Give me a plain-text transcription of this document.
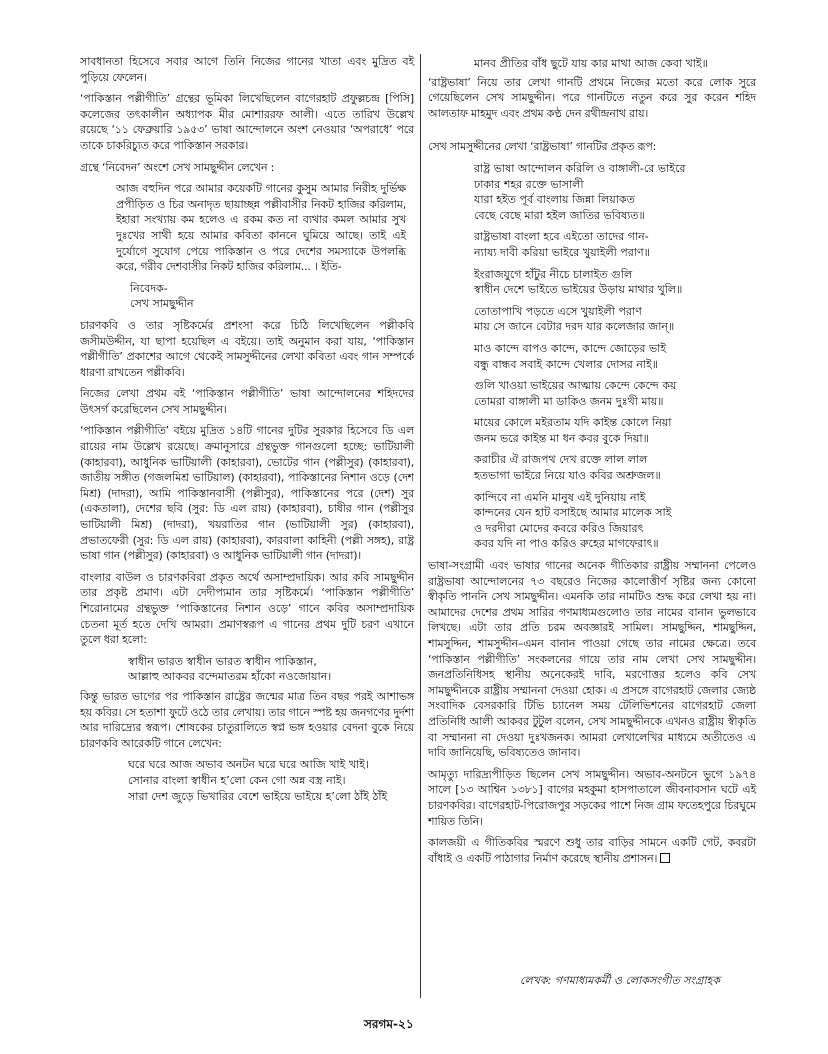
সাবধানতা হিসেবে সবার আগে তিনি নিজের গানের খাতা এবং মুদ্রিত বই পুড়িয়ে ফেলেন।

‘পাকিস্তান পল্লীগীতি’ গ্রন্থের ভূমিকা লিখেছিলেন বাগেরহাট প্রফুল্লচন্দ্র [পিসি] কলেজের তৎকালীন অধ্যাপক মীর মোশাররফ আলী। এতে তারিখ উল্লেখ রয়েছে ‘১১ ফেব্রুয়ারি ১৯৫৩’ ভাষা আন্দোলনে অংশ নেওয়ার ‘অপরাধে’ পরে তাকে চাকরিচ্যুত করে পাকিস্তান সরকার।

গ্রন্থে ‘নিবেদন’ অংশে সেখ সামছুদ্দীন লেখেন :

আজ বহুদিন পরে আমার কয়েকটি গানের কুসুম আমার নিরীহ দুর্ভিক্ষ প্রপীড়িত ও চির অনাদৃত ছায়াচ্ছন্ন পল্লীবাসীর নিকট হাজির করিলাম, ইহারা সংখ্যায় কম হলেও এ রকম কত না ব্যথার কমল আমার সুখ দুঃখের সাথী হয়ে আমার কবিতা কাননে ঘুমিয়ে আছে। তাই এই দুর্যোগে সুযোগ পেয়ে পাকিস্তান ও পরে দেশের সমস্যাকে উপলব্ধি করে, গরীব দেশবাসীর নিকট হাজির করিলাম... । ইতি-

নিবেদক-
সেখ সামছুদ্দীন

চারণকবি ও তার সৃষ্টিকর্মের প্রশংসা করে চিঠি লিখেছিলেন পল্লীকবি জসীমউদ্দীন, যা ছাপা হয়েছিল এ বইয়ে। তাই অনুমান করা যায়, ‘পাকিস্তান পল্লীগীতি’ প্রকাশের আগে থেকেই সামসুদ্দীনের লেখা কবিতা এবং গান সম্পর্কে ধারণা রাখতেন পল্লীকবি।

নিজের লেখা প্রথম বই ‘পাকিস্তান পল্লীগীতি’ ভাষা আন্দোলনের শহিদদের উৎসর্গ করেছিলেন সেখ সামছুদ্দীন।

‘পাকিস্তান পল্লীগীতি’ বইয়ে মুদ্রিত ১৪টি গানের দুটির সুরকার হিসেবে ডি এল রায়ের নাম উল্লেখ রয়েছে। ক্রমানুসারে গ্রন্থভুক্ত গানগুলো হচ্ছে: ভাটিয়ালী (কাহারবা), আধুনিক ভাটিয়ালী (কাহারবা), ভোটের গান (পল্লীসুর) (কাহারবা), জাতীয় সঙ্গীত (গজলমিশ্র ভাটিয়াল) (কাহারবা), পাকিস্তানের নিশান ওড়ে (দেশ মিশ্র) (দাদরা), আমি পাকিস্তানবাসী (পল্লীসুর), পাকিস্তানের পরে (দেশ) সুর (একতালা), দেশের ছবি (সুর: ডি এল রায়) (কাহারবা), চাষীর গান (পল্লীসুর ভাটিয়ালী মিশ্র) (দাদরা), খয়রাতির গান (ভাটিয়ালী সুর) (কাহারবা), প্রভাতফেরী (সুর: ডি এল রায়) (কাহারবা), কারবালা কাহিনী (পল্লী সঙ্গহ), রাষ্ট্র ভাষা গান (পল্লীসুর) (কাহারবা) ও আধুনিক ভাটিয়ালী গান (দাদরা)।

বাংলার বাউল ও চারণকবিরা প্রকৃত অর্থে অসাম্প্রদায়িক। আর কবি সামছুদ্দীন তার প্রকৃষ্ট প্রমাণ। এটা দেদীপ্যমান তার সৃষ্টিকর্মে। ‘পাকিস্তান পল্লীগীতি’ শিরোনামের গ্রন্থভুক্ত ‘পাকিস্তানের নিশান ওড়ে’ গানে কবির অসাম্প্রদায়িক চেতনা মূর্ত হতে দেখি আমরা। প্রমাণস্বরূপ এ গানের প্রথম দুটি চরণ এখানে তুলে ধরা হলো:

স্বাধীন ভারত স্বাধীন ভারত স্বাধীন পাকিস্তান,
আল্লাহু আকবর বন্দেমাতরম হাঁকো নওজোয়ান।

কিন্তু ভারত ভাগের পর পাকিস্তান রাষ্ট্রের জন্মের মাত্র তিন বছর পরই আশাভঙ্গ হয় কবির। সে হতাশা ফুটে ওঠে তার লেখায়। তার গানে স্পষ্ট হয় জনগণের দুর্দশা আর দারিদ্র্যের স্বরূপ। শোষকের চাতুরালিতে স্বপ্ন ভঙ্গ হওয়ার বেদনা বুকে নিয়ে চারণকবি আরেকটি গানে লেখেন:

ঘরে ঘরে আজ অভাব অনটন ঘরে ঘরে আজি খাই খাই।
সোনার বাংলা স্বাধীন হ’লো কেন গো অন্ন বস্ত্র নাই।
সারা দেশ জুড়ে ভিখারির বেশে ভাইয়ে ভাইয়ে হ’লো ঠাঁই ঠাঁই
মানব প্রীতির বাঁধ ছুটে যায় কার মাথা আজ কেবা খাই॥

‘রাষ্ট্রভাষা’ নিয়ে তার লেখা গানটি প্রথমে নিজের মতো করে লোক সুরে গেয়েছিলেন সেখ সামছুদ্দীন। পরে গানটিতে নতুন করে সুর করেন শহিদ আলতাফ মাহমুদ এবং প্রথম কণ্ঠ দেন রথীন্দ্রনাথ রায়।

সেখ সামসুদ্দীনের লেখা ‘রাষ্ট্রভাষা’ গানটির প্রকৃত রূপ:

রাষ্ট্র ভাষা আন্দোলন করিলি ও বাঙ্গালী-রে ভাইরে
ঢাকার শহর রক্তে ভাসালী
যারা হইত পূর্ব বাংলায় জিন্না লিয়াকত
বেছে বেছে মারা হইল জাতির ভবিষ্যত॥
রাষ্ট্রভাষা বাংলা হবে এইতো তাদের গান-
ন্যায্য দাবী করিয়া ভাইরে খুয়াইলী পরাণ॥
ইংরাজযুগে হাঁটুর নীচে চালাইত গুলি
স্বাধীন দেশে ভাইতে ভাইয়ের উড়ায় মাথার খুলি॥
তোতাপাখি পড়তে এসে খুয়াইলী পরাণ
মায় সে জানে বেটার দরদ যার কলেজার জান্॥
মাও কান্দে বাপও কান্দে, কান্দে জোড়ের ভাই
বন্ধু বান্ধব সবাই কান্দে খেলার দোসর নাই॥
গুলি খাওয়া ভাইয়ের আত্মায় কেন্দে কেন্দে কয়
তোমরা বাঙ্গালী মা ডাকিও জনম দুঃখী মায়॥
মায়ের কোলে মইরতাম যদি কাইন্ত কোলে নিয়া
জনম ভরে কাইন্ত মা ধন কবর বুকে দিয়া॥
করাচীর ঐ রাজপথ দেখ রক্তে লাল লাল
হতভাগা ভাইরে নিয়ে যাও কবির অশ্রুজল॥
কান্দিবে না এমনি মানুষ এই দুনিয়ায় নাই
কান্দনের যেন হাট বসাইছে আমার মালেক সাই
ও দরদীরা মোদের কবরে করিও জিয়ারৎ
কবর যদি না পাও করিও রুহের মাগফেরাৎ॥

ভাষা-সংগ্রামী এবং ভাষার গানের অনেক গীতিকার রাষ্ট্রীয় সম্মাননা পেলেও রাষ্ট্রভাষা আন্দোলনের ৭৩ বছরেও নিজের কালোত্তীর্ণ সৃষ্টির জন্য কোনো স্বীকৃতি পাননি সেখ সামছুদ্দীন। এমনকি তার নামটিও শুদ্ধ করে লেখা হয় না। আমাদের দেশের প্রথম সারির গণমাধ্যমগুলোও তার নামের বানান ভুলভাবে লিখছে। এটা তার প্রতি চরম অবজ্ঞারই সামিল। সামছুদ্দিন, শামছুদ্দিন, শামসুদ্দিন, শামসুদ্দীন–এমন বানান পাওয়া গেছে তার নামের ক্ষেত্রে। তবে ‘পাকিস্তান পল্লীগীতি’ সংকলনের গায়ে তার নাম লেখা সেখ সামছুদ্দীন। জনপ্রতিনিধিসহ স্থানীয় অনেকেরই দাবি, মরণোত্তর হলেও কবি সেখ সামছুদ্দীনকে রাষ্ট্রীয় সম্মাননা দেওয়া হোক। এ প্রসঙ্গে বাগেরহাট জেলার জ্যেষ্ঠ সংবাদিক বেসরকারি টিভি চ্যানেল সময় টেলিভিশনের বাগেরহাট জেলা প্রতিনিধি আলী আকবর টুটুল বলেন, সেখ সামছুদ্দীনকে এখনও রাষ্ট্রীয় স্বীকৃতি বা সম্মাননা না দেওয়া দুঃখজনক। আমরা লেখালেখির মাধ্যমে অতীতেও এ দাবি জানিয়েছি, ভবিষ্যতেও জানাব।

আমৃত্যু দারিদ্র্যপীড়িত ছিলেন সেখ সামছুদ্দীন। অভাব-অনটনে ভুগে ১৯৭৪ সালে [১৩ আশ্বিন ১৩৮১] বাগের মহকুমা হাসপাতালে জীবনাবসান ঘটে এই চারণকবির। বাগেরহাট-পিরোজপুর সড়কের পাশে নিজ গ্রাম ফতেহপুরে চিরঘুমে শায়িত তিনি।

কালজয়ী এ গীতিকবির স্মরণে শুধু তার বাড়ির সামনে একটি গেট, কবরটা বাঁধাই ও একটি পাঠাগার নির্মাণ করেছে স্থানীয় প্রশাসন।

লেখক: গণমাধ্যমকর্মী ও লোকসংগীত সংগ্রাহক
সরগম-২১
